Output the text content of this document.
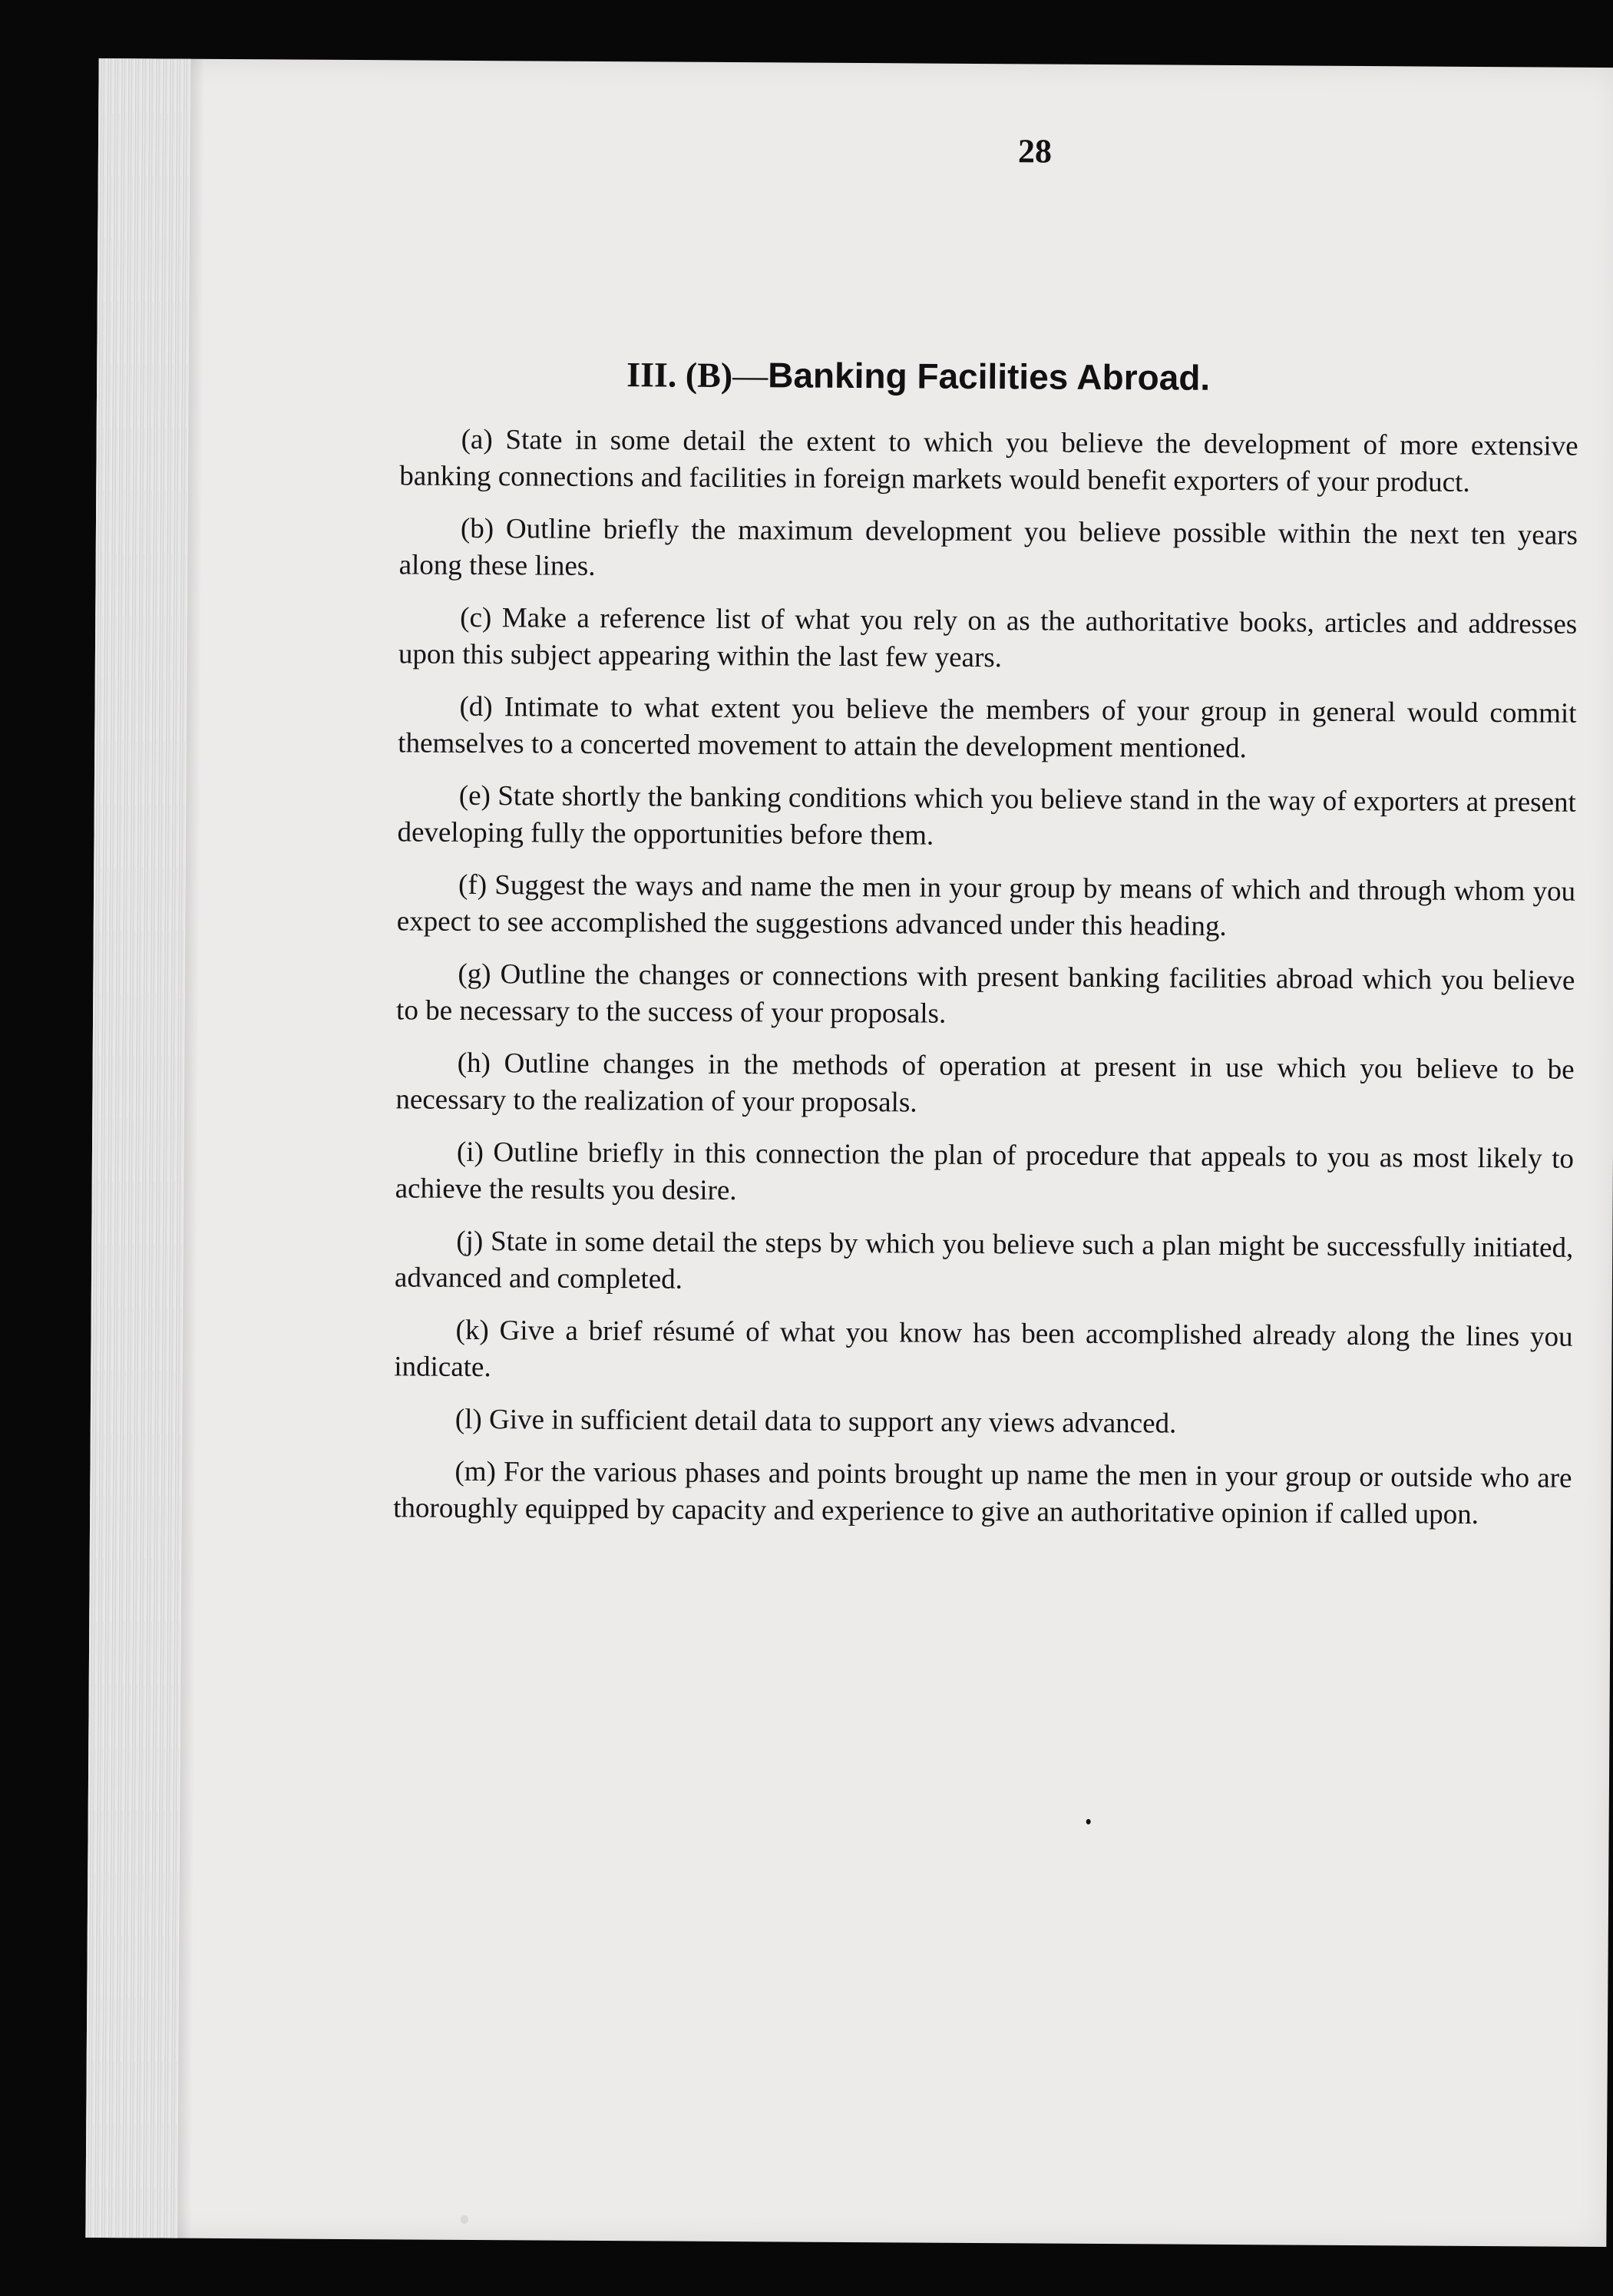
28
III. (B)—Banking Facilities Abroad.

(a) State in some detail the extent to which you believe the development of more extensive banking connections and facilities in foreign markets would benefit exporters of your product.

(b) Outline briefly the maximum development you believe possible within the next ten years along these lines.

(c) Make a reference list of what you rely on as the authoritative books, articles and addresses upon this subject appearing within the last few years.

(d) Intimate to what extent you believe the members of your group in general would commit themselves to a concerted movement to attain the development mentioned.

(e) State shortly the banking conditions which you believe stand in the way of exporters at present developing fully the opportunities before them.

(f) Suggest the ways and name the men in your group by means of which and through whom you expect to see accomplished the suggestions advanced under this heading.

(g) Outline the changes or connections with present banking facilities abroad which you believe to be necessary to the success of your proposals.

(h) Outline changes in the methods of operation at present in use which you believe to be necessary to the realization of your proposals.

(i) Outline briefly in this connection the plan of procedure that appeals to you as most likely to achieve the results you desire.

(j) State in some detail the steps by which you believe such a plan might be successfully initiated, advanced and completed.

(k) Give a brief résumé of what you know has been accomplished already along the lines you indicate.

(l) Give in sufficient detail data to support any views advanced.

(m) For the various phases and points brought up name the men in your group or outside who are thoroughly equipped by capacity and experience to give an authoritative opinion if called upon.
